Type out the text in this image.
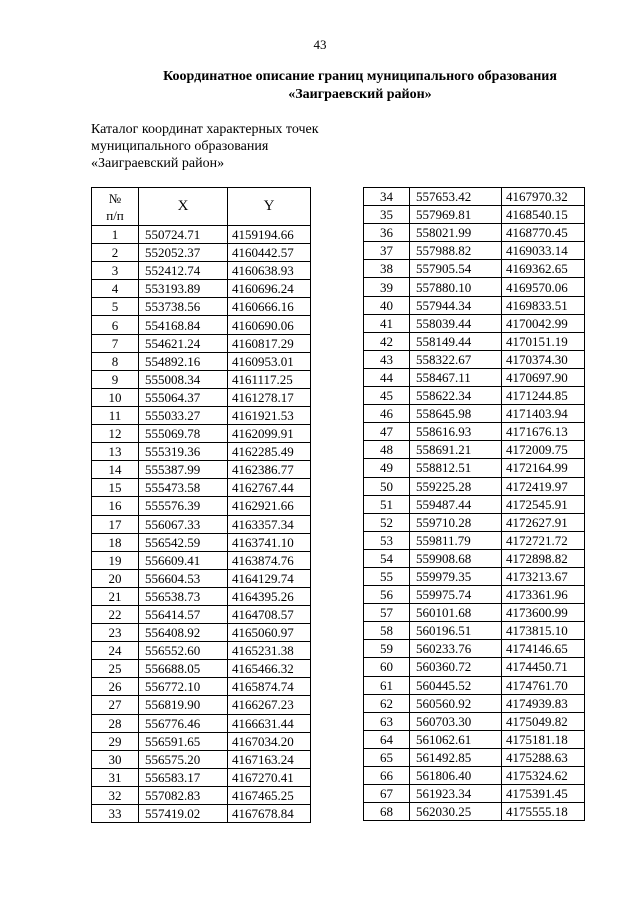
43
Координатное описание границ муниципального образования
«Заиграевский район»
Каталог координат характерных точек
муниципального образования
«Заиграевский район»
№
п/п	X	Y
1	550724.71	4159194.66
2	552052.37	4160442.57
3	552412.74	4160638.93
4	553193.89	4160696.24
5	553738.56	4160666.16
6	554168.84	4160690.06
7	554621.24	4160817.29
8	554892.16	4160953.01
9	555008.34	4161117.25
10	555064.37	4161278.17
11	555033.27	4161921.53
12	555069.78	4162099.91
13	555319.36	4162285.49
14	555387.99	4162386.77
15	555473.58	4162767.44
16	555576.39	4162921.66
17	556067.33	4163357.34
18	556542.59	4163741.10
19	556609.41	4163874.76
20	556604.53	4164129.74
21	556538.73	4164395.26
22	556414.57	4164708.57
23	556408.92	4165060.97
24	556552.60	4165231.38
25	556688.05	4165466.32
26	556772.10	4165874.74
27	556819.90	4166267.23
28	556776.46	4166631.44
29	556591.65	4167034.20
30	556575.20	4167163.24
31	556583.17	4167270.41
32	557082.83	4167465.25
33	557419.02	4167678.84
34	557653.42	4167970.32
35	557969.81	4168540.15
36	558021.99	4168770.45
37	557988.82	4169033.14
38	557905.54	4169362.65
39	557880.10	4169570.06
40	557944.34	4169833.51
41	558039.44	4170042.99
42	558149.44	4170151.19
43	558322.67	4170374.30
44	558467.11	4170697.90
45	558622.34	4171244.85
46	558645.98	4171403.94
47	558616.93	4171676.13
48	558691.21	4172009.75
49	558812.51	4172164.99
50	559225.28	4172419.97
51	559487.44	4172545.91
52	559710.28	4172627.91
53	559811.79	4172721.72
54	559908.68	4172898.82
55	559979.35	4173213.67
56	559975.74	4173361.96
57	560101.68	4173600.99
58	560196.51	4173815.10
59	560233.76	4174146.65
60	560360.72	4174450.71
61	560445.52	4174761.70
62	560560.92	4174939.83
63	560703.30	4175049.82
64	561062.61	4175181.18
65	561492.85	4175288.63
66	561806.40	4175324.62
67	561923.34	4175391.45
68	562030.25	4175555.18
